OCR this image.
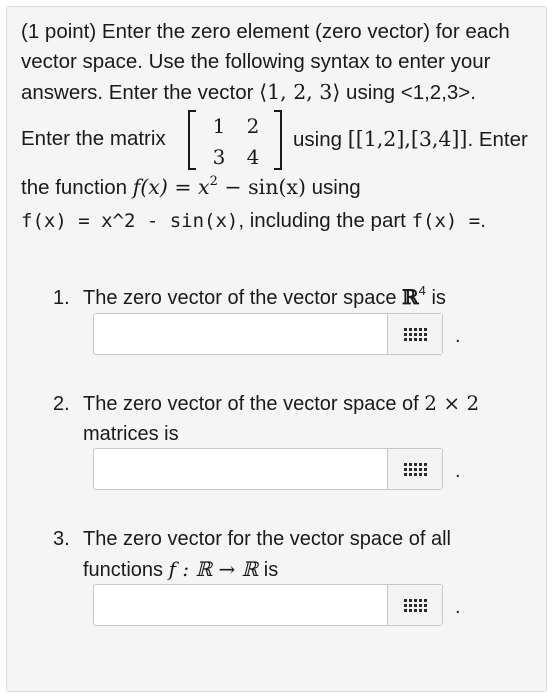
(1 point) Enter the zero element (zero vector) for each
vector space. Use the following syntax to enter your
answers. Enter the vector ⟨1, 2, 3⟩ using <1,2,3>.
Enter the matrix
1	2
3	4
using [[1,2],[3,4]]. Enter
the function $f(x) = x^2 - \sin(x)$ using
f(x) = x^2 - sin(x), including the part f(x) =.
1. The zero vector of the vector space ℝ$^4$ is
.
2. The zero vector of the vector space of 2 × 2
matrices is
.
3. The zero vector for the vector space of all
functions f : ℝ → ℝ is
.
